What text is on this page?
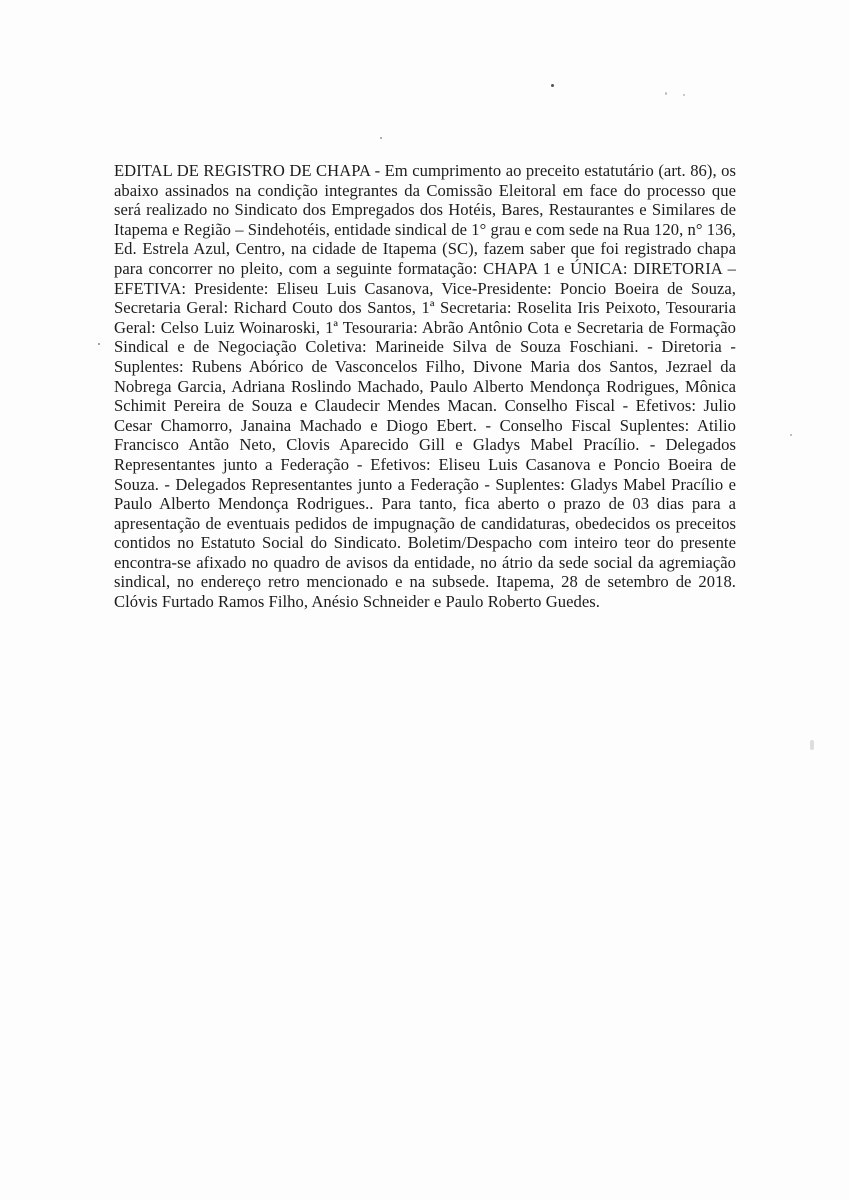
EDITAL DE REGISTRO DE CHAPA - Em cumprimento ao preceito estatutário (art. 86), os abaixo assinados na condição integrantes da Comissão Eleitoral em face do processo que será realizado no Sindicato dos Empregados dos Hotéis, Bares, Restaurantes e Similares de Itapema e Região – Sindehotéis, entidade sindical de 1° grau e com sede na Rua 120, n° 136, Ed. Estrela Azul, Centro, na cidade de Itapema (SC), fazem saber que foi registrado chapa para concorrer no pleito, com a seguinte formatação: CHAPA 1 e ÚNICA: DIRETORIA – EFETIVA: Presidente: Eliseu Luis Casanova, Vice-Presidente: Poncio Boeira de Souza, Secretaria Geral: Richard Couto dos Santos, 1ª Secretaria: Roselita Iris Peixoto, Tesouraria Geral: Celso Luiz Woinaroski, 1ª Tesouraria: Abrão Antônio Cota e Secretaria de Formação Sindical e de Negociação Coletiva: Marineide Silva de Souza Foschiani. - Diretoria - Suplentes: Rubens Abórico de Vasconcelos Filho, Divone Maria dos Santos, Jezrael da Nobrega Garcia, Adriana Roslindo Machado, Paulo Alberto Mendonça Rodrigues, Mônica Schimit Pereira de Souza e Claudecir Mendes Macan. Conselho Fiscal - Efetivos: Julio Cesar Chamorro, Janaina Machado e Diogo Ebert. - Conselho Fiscal Suplentes: Atilio Francisco Antão Neto, Clovis Aparecido Gill e Gladys Mabel Pracílio. - Delegados Representantes junto a Federação - Efetivos: Eliseu Luis Casanova e Poncio Boeira de Souza. - Delegados Representantes junto a Federação - Suplentes: Gladys Mabel Pracílio e Paulo Alberto Mendonça Rodrigues.. Para tanto, fica aberto o prazo de 03 dias para a apresentação de eventuais pedidos de impugnação de candidaturas, obedecidos os preceitos contidos no Estatuto Social do Sindicato. Boletim/Despacho com inteiro teor do presente encontra-se afixado no quadro de avisos da entidade, no átrio da sede social da agremiação sindical, no endereço retro mencionado e na subsede. Itapema, 28 de setembro de 2018. Clóvis Furtado Ramos Filho, Anésio Schneider e Paulo Roberto Guedes.
